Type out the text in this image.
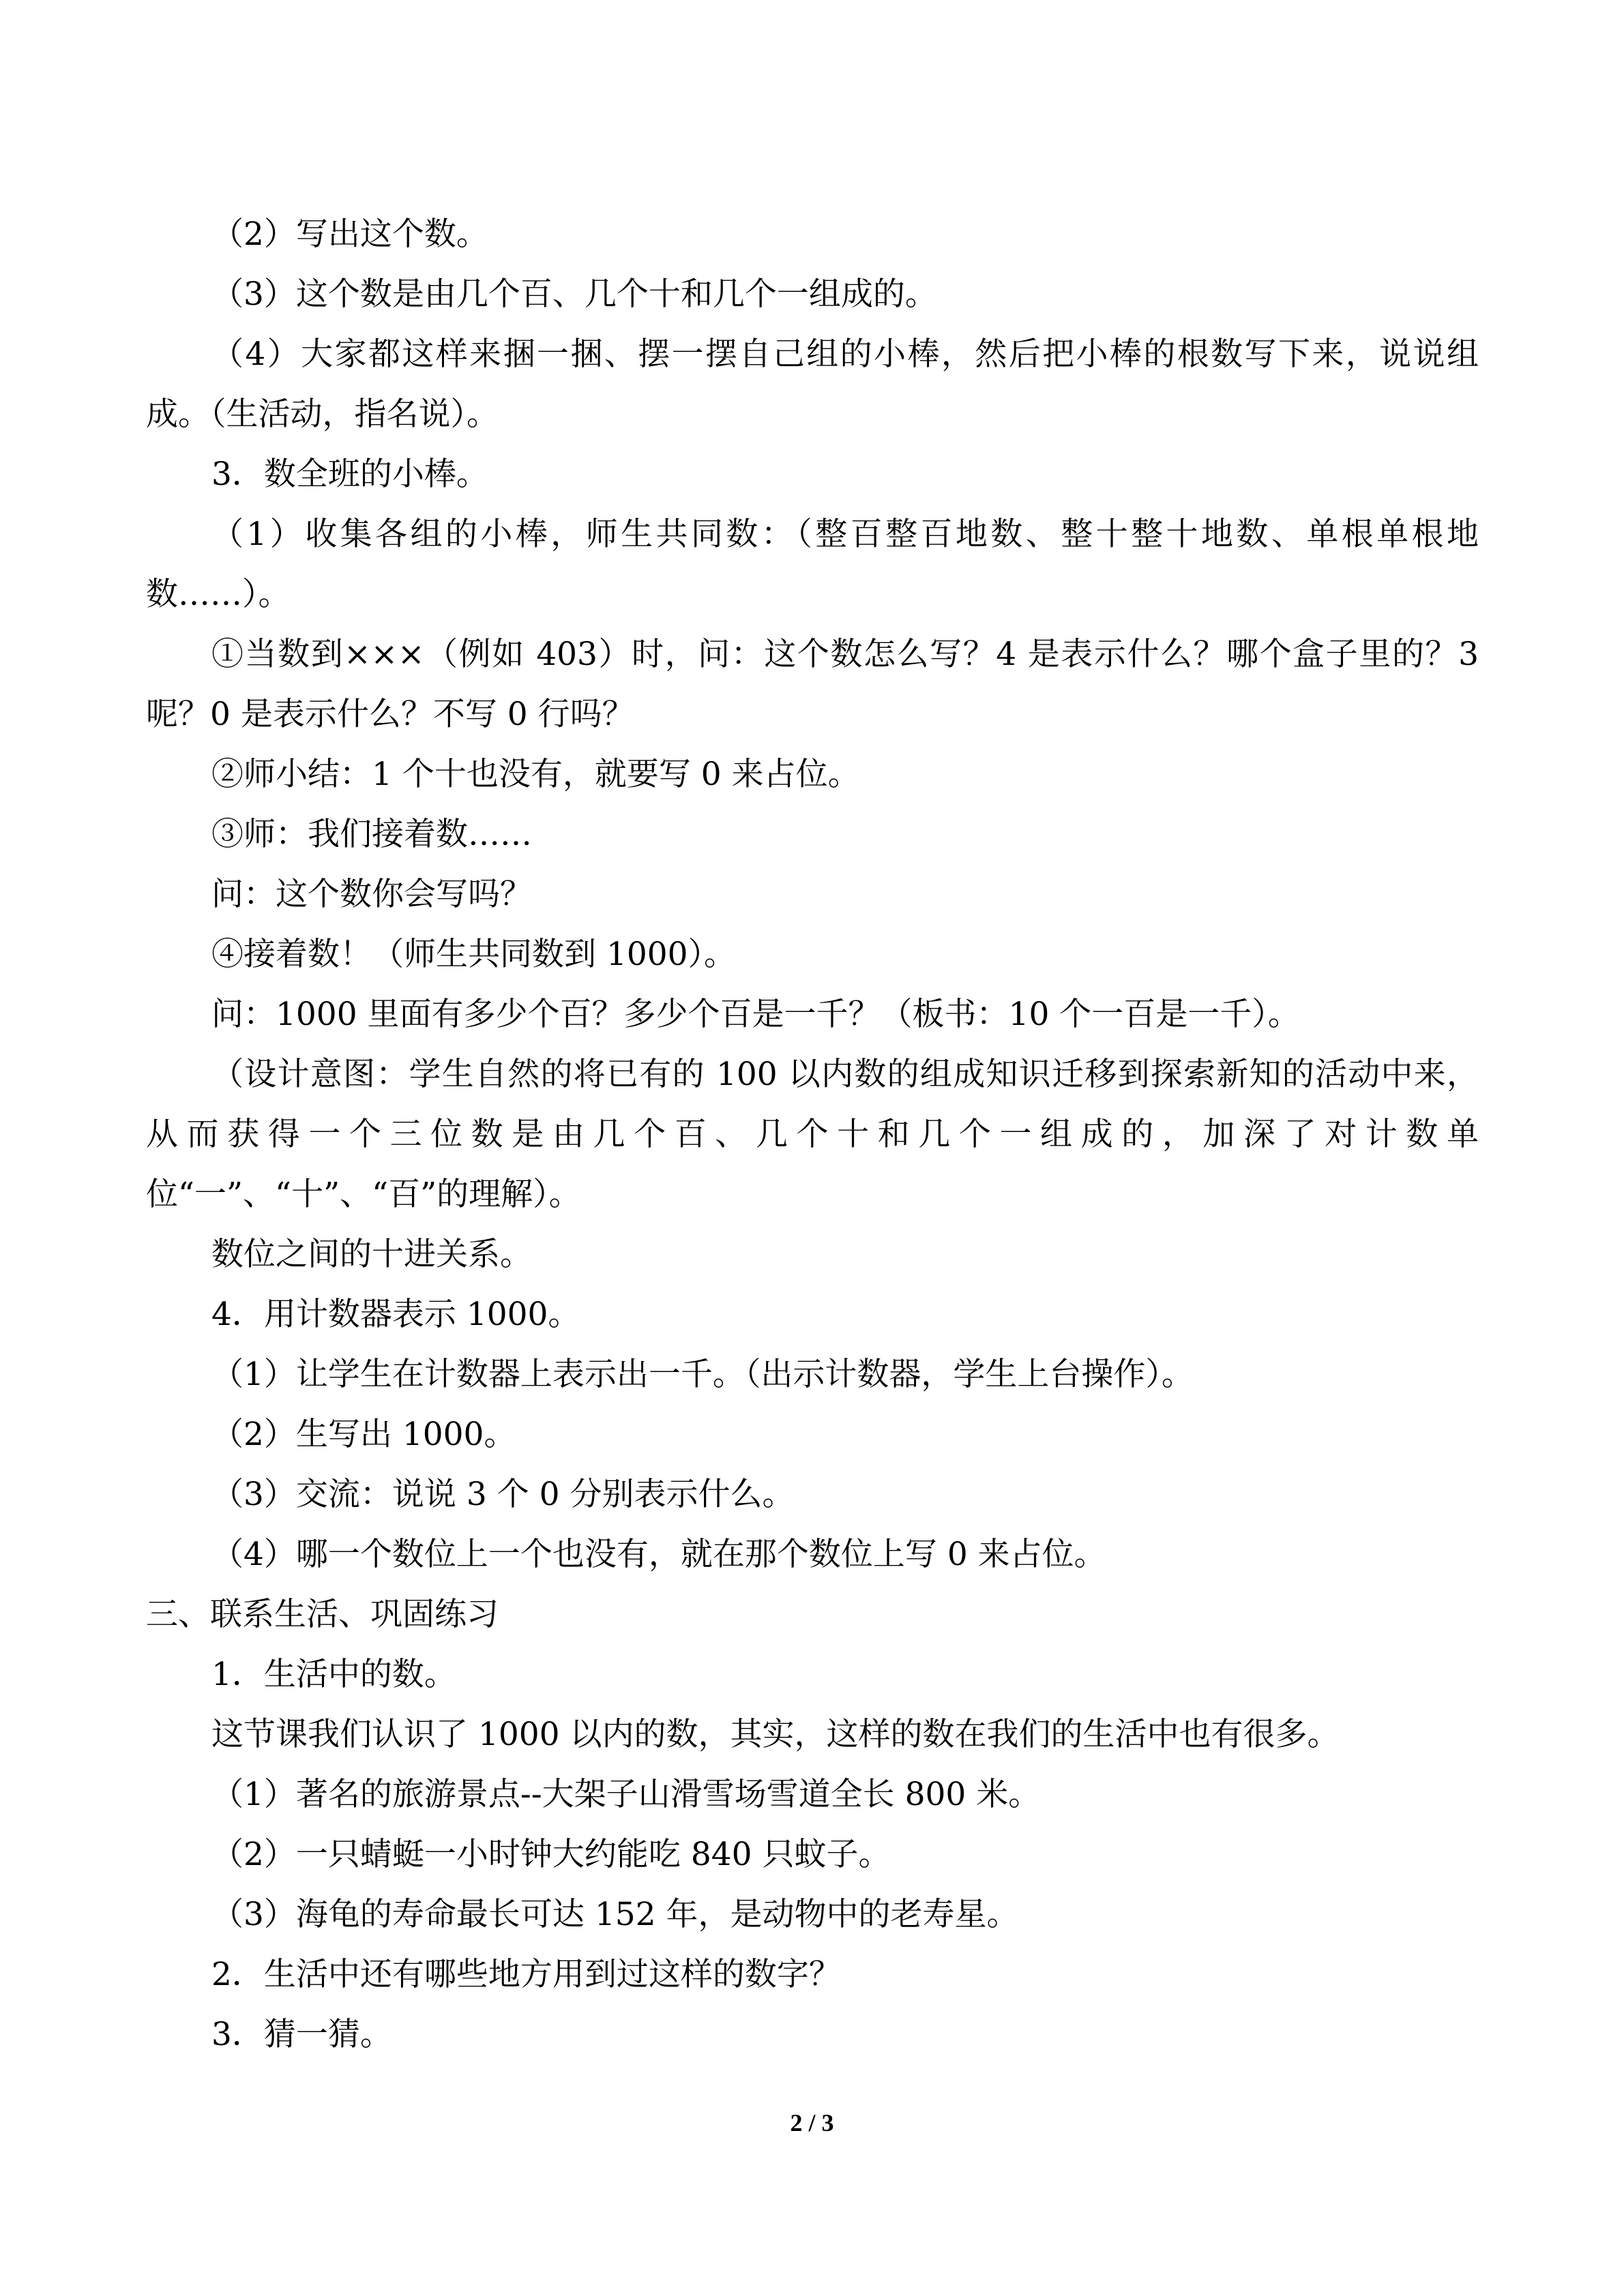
（2）写出这个数。

（3）这个数是由几个百、几个十和几个一组成的。

（4）大家都这样来捆一捆、摆一摆自己组的小棒，然后把小棒的根数写下来，说说组成。（生活动，指名说）。

3．数全班的小棒。

（1）收集各组的小棒，师生共同数：（整百整百地数、整十整十地数、单根单根地数……）。

①当数到×××（例如 403）时，问：这个数怎么写？4 是表示什么？哪个盒子里的？3 呢？0 是表示什么？不写 0 行吗？

②师小结：1 个十也没有，就要写 0 来占位。

③师：我们接着数……

问：这个数你会写吗？

④接着数！（师生共同数到 1000）。

问：1000 里面有多少个百？多少个百是一千？（板书：10 个一百是一千）。

（设计意图：学生自然的将已有的 100 以内数的组成知识迁移到探索新知的活动中来，从而获得一个三位数是由几个百、几个十和几个一组成的，加深了对计数单位“一”、“十”、“百”的理解）。

数位之间的十进关系。

4．用计数器表示 1000。

（1）让学生在计数器上表示出一千。（出示计数器，学生上台操作）。

（2）生写出 1000。

（3）交流：说说 3 个 0 分别表示什么。

（4）哪一个数位上一个也没有，就在那个数位上写 0 来占位。

三、联系生活、巩固练习

1．生活中的数。

这节课我们认识了 1000 以内的数，其实，这样的数在我们的生活中也有很多。

（1）著名的旅游景点--大架子山滑雪场雪道全长 800 米。

（2）一只蜻蜓一小时钟大约能吃 840 只蚊子。

（3）海龟的寿命最长可达 152 年，是动物中的老寿星。

2．生活中还有哪些地方用到过这样的数字？

3．猜一猜。

2 / 3
